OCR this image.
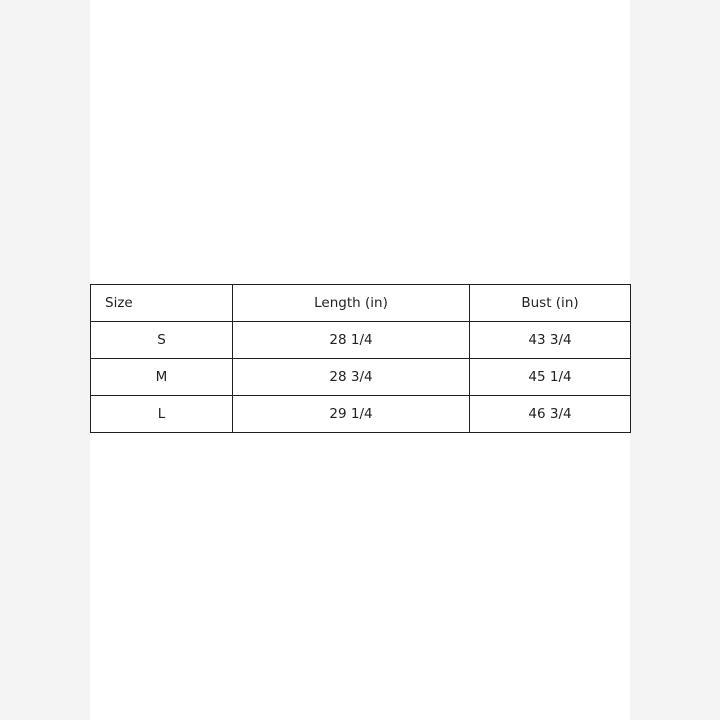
Size	Length (in)	Bust (in)
S	28 1/4	43 3/4
M	28 3/4	45 1/4
L	29 1/4	46 3/4
